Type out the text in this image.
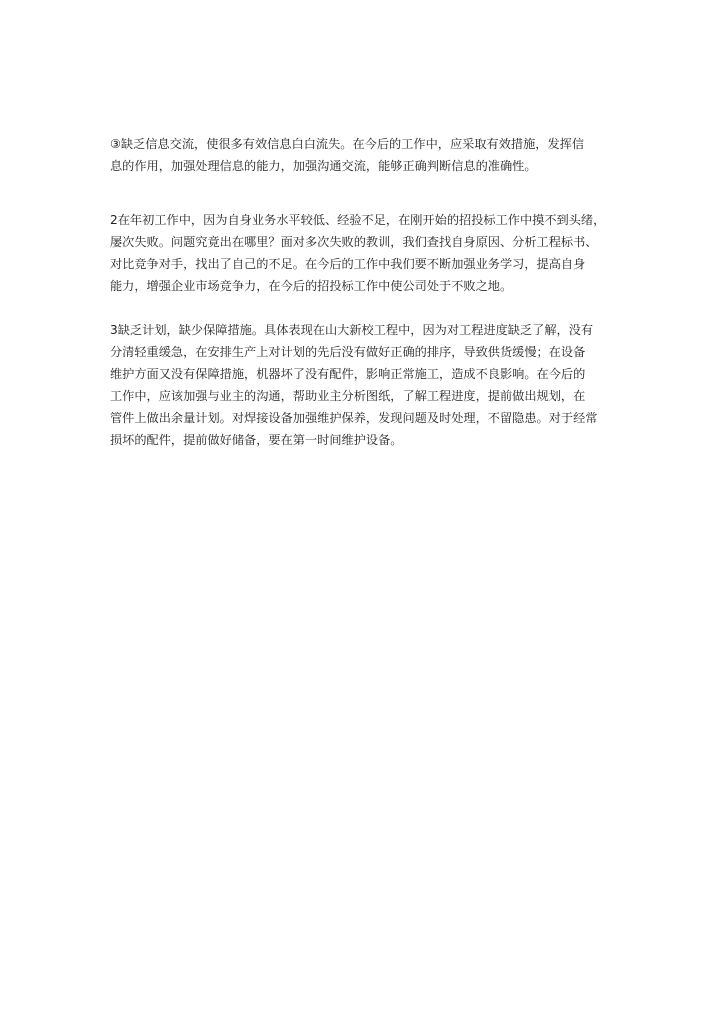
③缺乏信息交流，使很多有效信息白白流失。在今后的工作中，应采取有效措施，发挥信
息的作用，加强处理信息的能力，加强沟通交流，能够正确判断信息的准确性。

2在年初工作中，因为自身业务水平较低、经验不足，在刚开始的招投标工作中摸不到头绪，
屡次失败。问题究竟出在哪里？面对多次失败的教训，我们查找自身原因、分析工程标书、
对比竞争对手，找出了自己的不足。在今后的工作中我们要不断加强业务学习，提高自身
能力，增强企业市场竞争力，在今后的招投标工作中使公司处于不败之地。

3缺乏计划，缺少保障措施。具体表现在山大新校工程中，因为对工程进度缺乏了解，没有
分清轻重缓急，在安排生产上对计划的先后没有做好正确的排序，导致供货缓慢；在设备
维护方面又没有保障措施，机器坏了没有配件，影响正常施工，造成不良影响。在今后的
工作中，应该加强与业主的沟通，帮助业主分析图纸，了解工程进度，提前做出规划，在
管件上做出余量计划。对焊接设备加强维护保养，发现问题及时处理，不留隐患。对于经常
损坏的配件，提前做好储备，要在第一时间维护设备。
